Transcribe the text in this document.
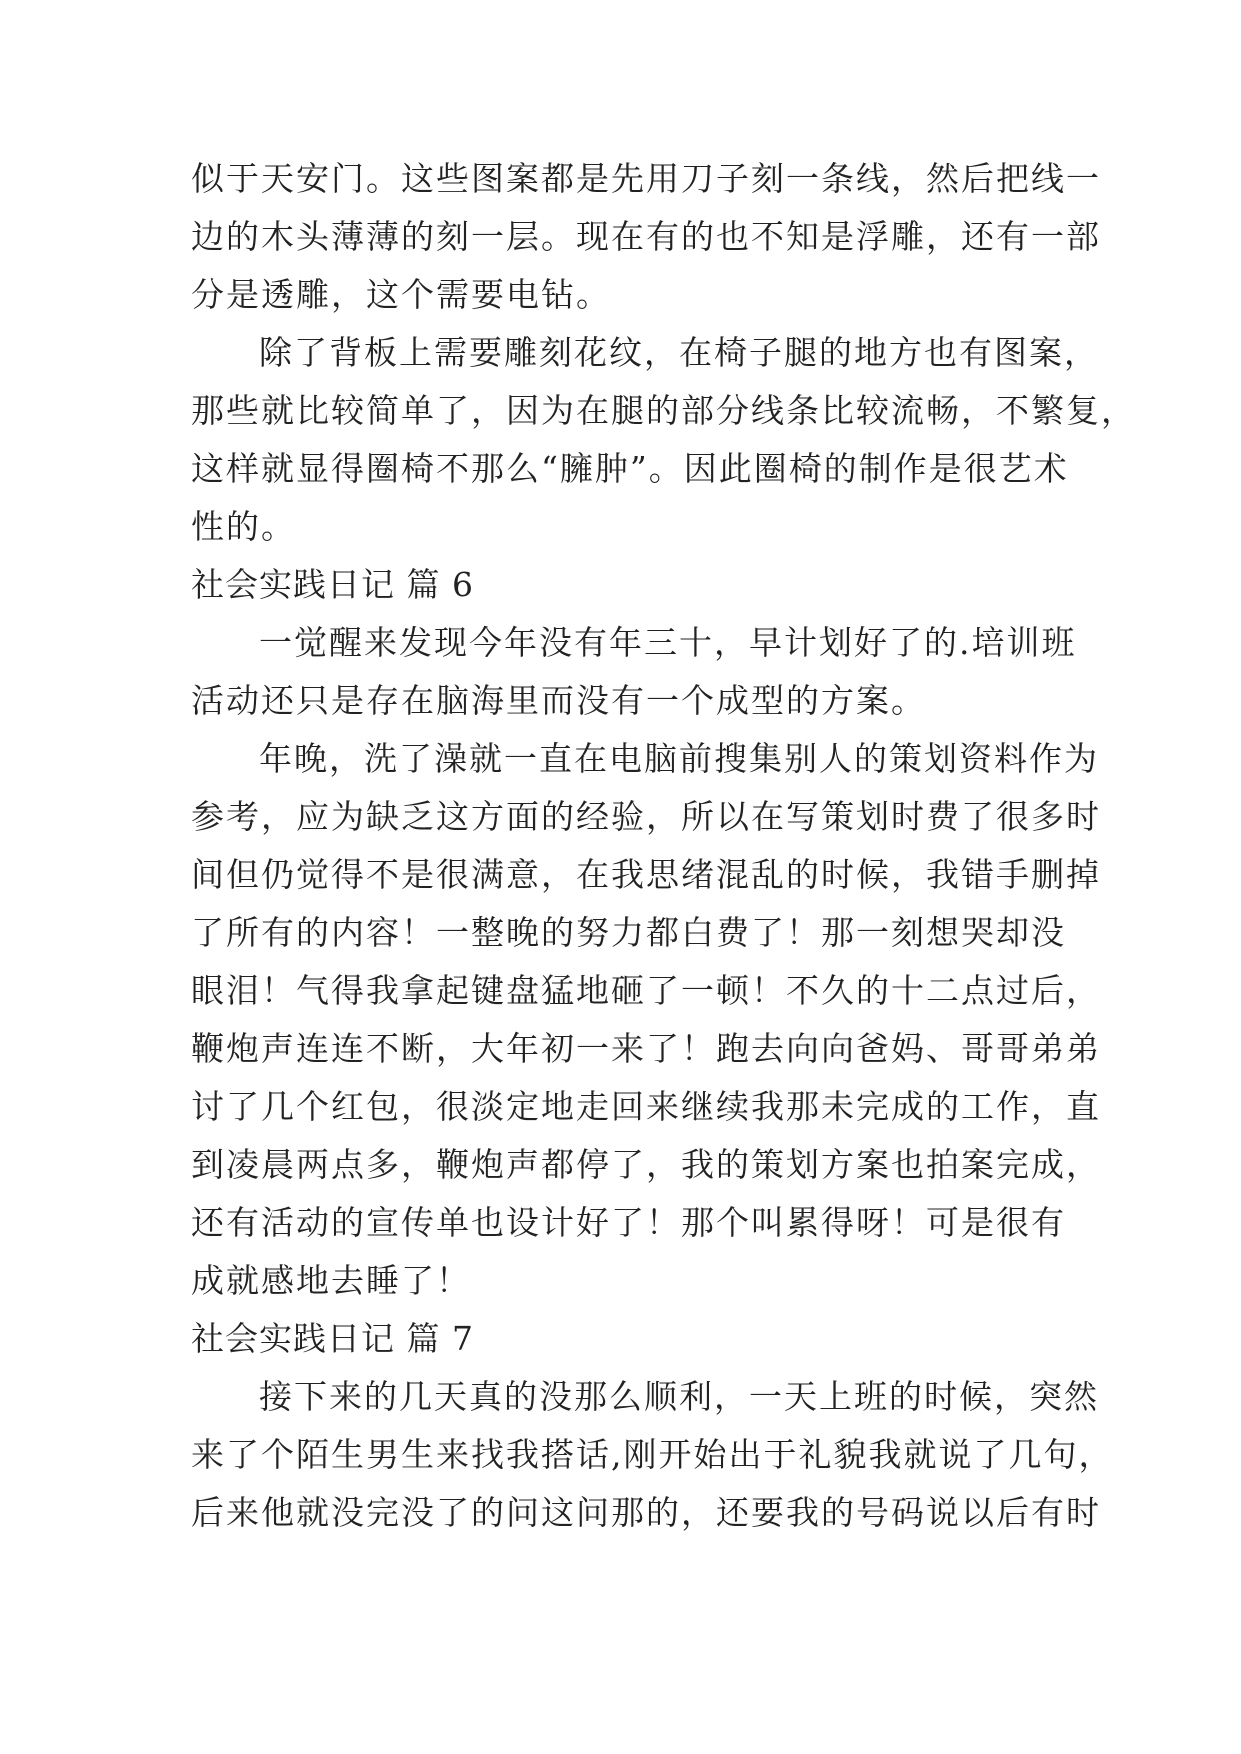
似于天安门。这些图案都是先用刀子刻一条线，然后把线一
边的木头薄薄的刻一层。现在有的也不知是浮雕，还有一部
分是透雕，这个需要电钻。
除了背板上需要雕刻花纹，在椅子腿的地方也有图案，
那些就比较简单了，因为在腿的部分线条比较流畅，不繁复，
这样就显得圈椅不那么“臃肿”。因此圈椅的制作是很艺术
性的。
社会实践日记 篇 6
一觉醒来发现今年没有年三十，早计划好了的.培训班
活动还只是存在脑海里而没有一个成型的方案。
年晚，洗了澡就一直在电脑前搜集别人的策划资料作为
参考，应为缺乏这方面的经验，所以在写策划时费了很多时
间但仍觉得不是很满意，在我思绪混乱的时候，我错手删掉
了所有的内容！一整晚的努力都白费了！那一刻想哭却没
眼泪！气得我拿起键盘猛地砸了一顿！不久的十二点过后，
鞭炮声连连不断，大年初一来了！跑去向向爸妈、哥哥弟弟
讨了几个红包，很淡定地走回来继续我那未完成的工作，直
到凌晨两点多，鞭炮声都停了，我的策划方案也拍案完成，
还有活动的宣传单也设计好了！那个叫累得呀！可是很有
成就感地去睡了！
社会实践日记 篇 7
接下来的几天真的没那么顺利，一天上班的时候，突然
来了个陌生男生来找我搭话,刚开始出于礼貌我就说了几句，
后来他就没完没了的问这问那的，还要我的号码说以后有时
